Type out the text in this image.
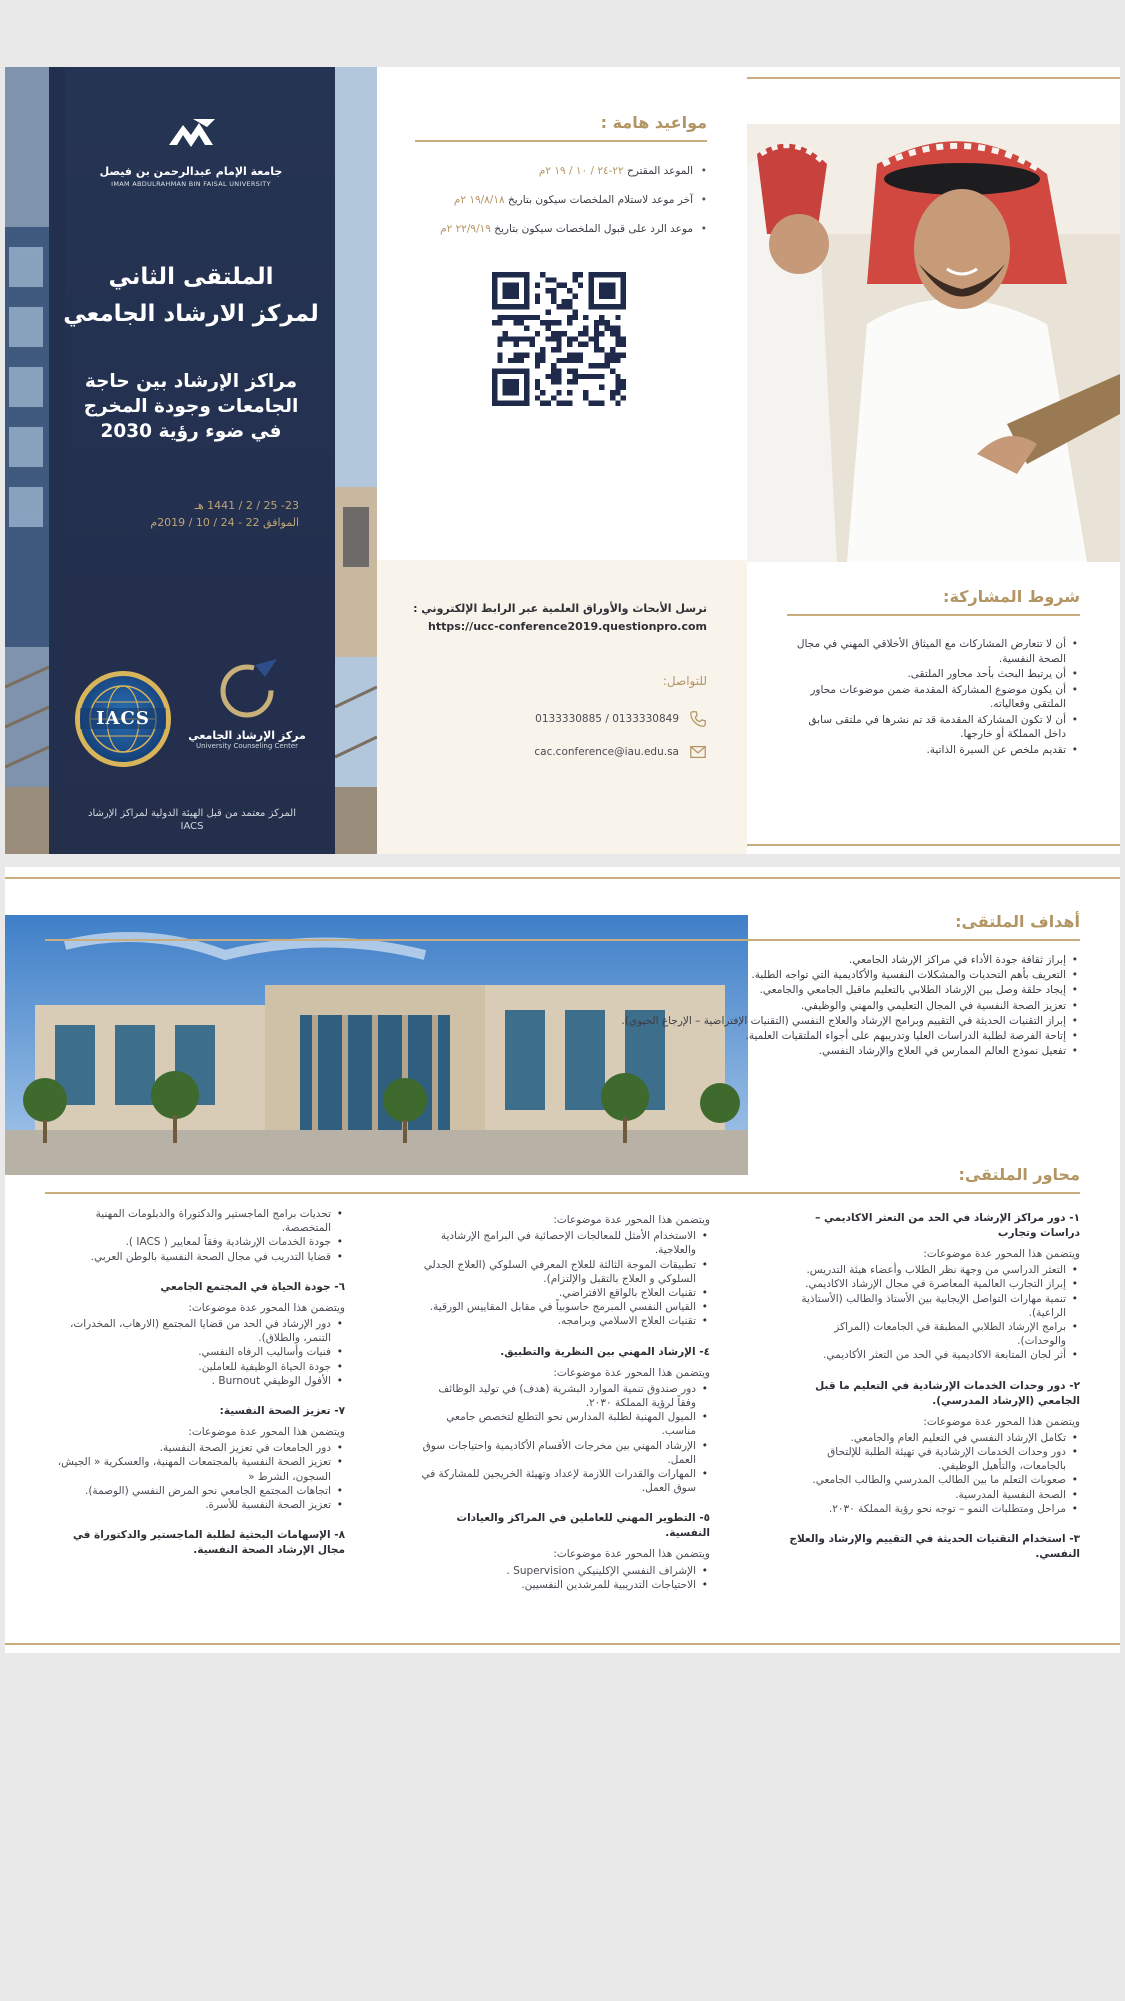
جامعة الإمام عبدالرحمن بن فيصل
IMAM ABDULRAHMAN BIN FAISAL UNIVERSITY
الملتقى الثاني
لمركز الارشاد الجامعي
مراكز الإرشاد بين حاجة
الجامعات وجودة المخرج
في ضوء رؤية 2030
23- 25 / 2 / 1441 هـ
الموافق 22 - 24 / 10 / 2019م
مركز الإرشاد الجامعي
University Counseling Center
IACS
المركز معتمد من قبل الهيئة الدولية لمراكز الإرشاد
IACS
مواعيد هامة :
• الموعد المقترح ٢٢-٢٤ / ١٠ / ١٩ ٢م
• آخر موعد لاستلام الملخصات سيكون بتاريخ ١٩/٨/١٨ ٢م
• موعد الرد على قبول الملخصات سيكون بتاريخ ٢٢/٩/١٩ ٢م
ترسل الأبحاث والأوراق العلمية عبر الرابط الإلكتروني :
https://ucc-conference2019.questionpro.com
للتواصل:
0133330885 / 0133330849
cac.conference@iau.edu.sa
شروط المشاركة:
• أن لا تتعارض المشاركات مع الميثاق الأخلاقي المهني في مجال الصحة النفسية.
• أن يرتبط البحث بأحد محاور الملتقى.
• أن يكون موضوع المشاركة المقدمة ضمن موضوعات محاور الملتقى وفعالياته.
• أن لا تكون المشاركة المقدمة قد تم نشرها في ملتقى سابق داخل المملكة أو خارجها.
• تقديم ملخص عن السيرة الذاتية.
أهداف الملتقى:
• إبراز ثقافة جودة الأداء في مراكز الإرشاد الجامعي.
• التعريف بأهم التحديات والمشكلات النفسية والأكاديمية التي تواجه الطلبة.
• إيجاد حلقة وصل بين الإرشاد الطلابي بالتعليم ماقبل الجامعي والجامعي.
• تعزيز الصحة النفسية في المجال التعليمي والمهني والوظيفي.
• إبراز التقنيات الحديثة في التقييم وبرامج الإرشاد والعلاج النفسي (التقنيات الإفتراضية – الإرجاع الحيوي).
• إتاحة الفرصة لطلبة الدراسات العليا وتدريبهم على أجواء الملتقيات العلمية.
• تفعيل نموذج العالم الممارس في العلاج والإرشاد النفسي.
محاور الملتقى:
١- دور مراكز الإرشاد في الحد من التعثر الاكاديمي – دراسات وتجارب

ويتضمن هذا المحور عدة موضوعات:

• التعثر الدراسي من وجهة نظر الطلاب وأعضاء هيئة التدريس.
• إبراز التجارب العالمية المعاصرة في مجال الإرشاد الاكاديمي.
• تنمية مهارات التواصل الإيجابية بين الأستاذ والطالب (الأستاذية الراعية).
• برامج الإرشاد الطلابي المطبقة في الجامعات (المراكز والوحدات).
• أثر لجان المتابعة الاكاديمية في الحد من التعثر الأكاديمي.
٢- دور وحدات الخدمات الإرشادية في التعليم ما قبل الجامعي (الإرشاد المدرسي).

ويتضمن هذا المحور عدة موضوعات:

• تكامل الإرشاد النفسي في التعليم العام والجامعي.
• دور وحدات الخدمات الإرشادية في تهيئة الطلبة للإلتحاق بالجامعات، والتأهيل الوظيفي.
• صعوبات التعلم ما بين الطالب المدرسي والطالب الجامعي.
• الصحة النفسية المدرسية.
• مراحل ومتطلبات النمو – توجه نحو رؤية المملكة ٢٠٣٠.
٣- استخدام التقنيات الحديثة في التقييم والإرشاد والعلاج النفسي.

ويتضمن هذا المحور عدة موضوعات:

• الاستخدام الأمثل للمعالجات الإحصائية في البرامج الإرشادية والعلاجية.
• تطبيقات الموجة الثالثة للعلاج المعرفي السلوكي (العلاج الجدلي السلوكي و العلاج بالتقبل والإلتزام).
• تقنيات العلاج بالواقع الافتراضي.
• القياس النفسي المبرمج حاسوبياً في مقابل المقاييس الورقية.
• تقنيات العلاج الاسلامي وبرامجه.
٤- الإرشاد المهني بين النظرية والتطبيق.

ويتضمن هذا المحور عدة موضوعات:

• دور صندوق تنمية الموارد البشرية (هدف) في توليد الوظائف وفقاً لرؤية المملكة ٢٠٣٠.
• الميول المهنية لطلبة المدارس نحو التطلع لتخصص جامعي مناسب.
• الإرشاد المهني بين مخرجات الأقسام الأكاديمية واحتياجات سوق العمل.
• المهارات والقدرات اللازمة لإعداد وتهيئة الخريجين للمشاركة في سوق العمل.
٥- التطوير المهني للعاملين في المراكز والعيادات النفسية.

ويتضمن هذا المحور عدة موضوعات:

• الإشراف النفسي الإكلينيكي Supervision .
• الاحتياجات التدريبية للمرشدين النفسيين.
• تحديات برامج الماجستير والدكتوراة والدبلومات المهنية المتخصصة.
• جودة الخدمات الإرشادية وفقاً لمعايير ( IACS ).
• قضايا التدريب في مجال الصحة النفسية بالوطن العربي.
٦- جودة الحياة في المجتمع الجامعي

ويتضمن هذا المحور عدة موضوعات:

• دور الإرشاد في الحد من قضايا المجتمع (الارهاب، المخدرات، التنمر، والطلاق).
• فنيات وأساليب الرفاه النفسي.
• جودة الحياة الوظيفية للعاملين.
• الأفول الوظيفي Burnout .
٧- تعزيز الصحة النفسية:

ويتضمن هذا المحور عدة موضوعات:

• دور الجامعات في تعزيز الصحة النفسية.
• تعزيز الصحة النفسية بالمجتمعات المهنية، والعسكرية « الجيش، السجون، الشرط «
• اتجاهات المجتمع الجامعي نحو المرض النفسي (الوصمة).
• تعزيز الصحة النفسية للأسرة.
٨- الإسهامات البحثية لطلبة الماجستير والدكتوراة في مجال الإرشاد الصحة النفسية.
